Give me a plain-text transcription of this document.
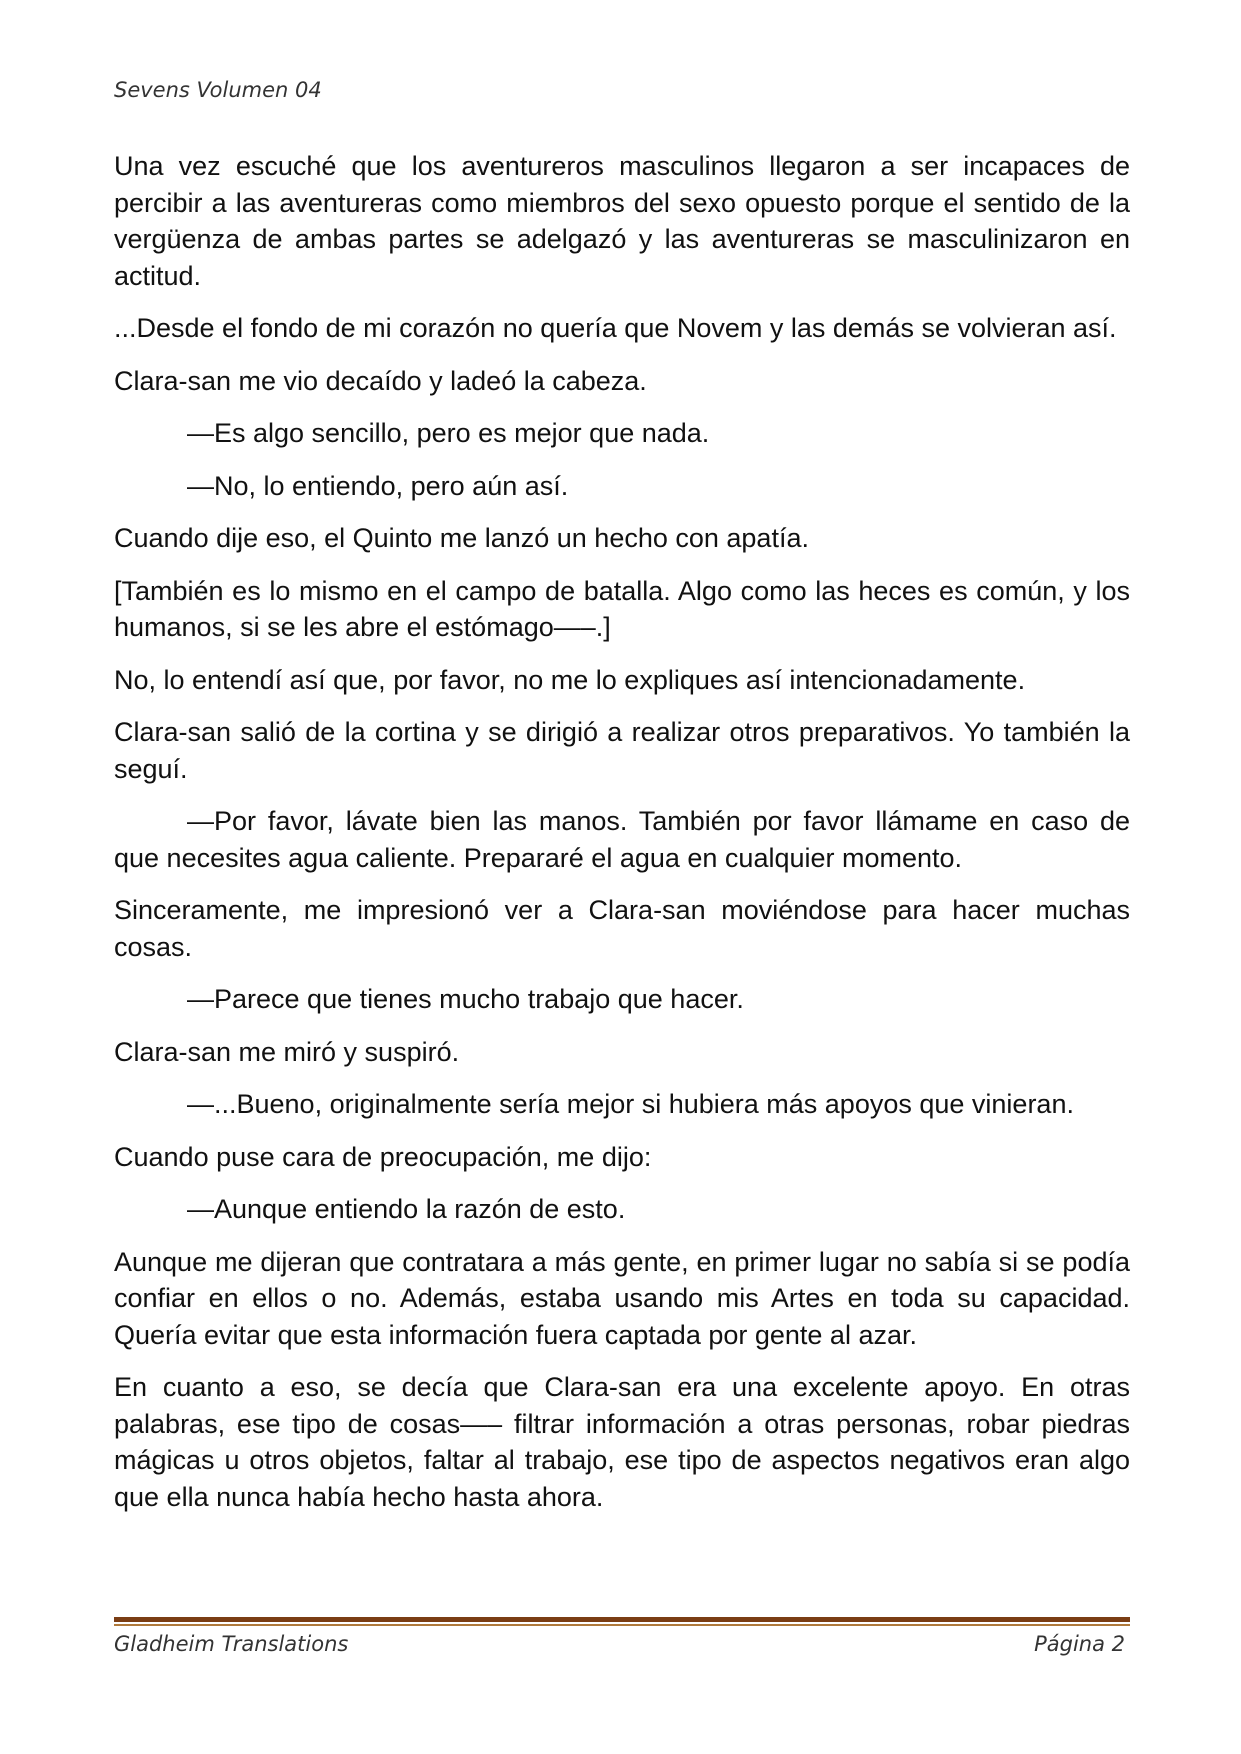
Sevens Volumen 04

Una vez escuché que los aventureros masculinos llegaron a ser incapaces de percibir a las aventureras como miembros del sexo opuesto porque el sentido de la vergüenza de ambas partes se adelgazó y las aventureras se masculinizaron en actitud.

...Desde el fondo de mi corazón no quería que Novem y las demás se volvieran así.

Clara-san me vio decaído y ladeó la cabeza.

—Es algo sencillo, pero es mejor que nada.

—No, lo entiendo, pero aún así.

Cuando dije eso, el Quinto me lanzó un hecho con apatía.

[También es lo mismo en el campo de batalla. Algo como las heces es común, y los humanos, si se les abre el estómago—–.]

No, lo entendí así que, por favor, no me lo expliques así intencionadamente.

Clara-san salió de la cortina y se dirigió a realizar otros preparativos. Yo también la seguí.

—Por favor, lávate bien las manos. También por favor llámame en caso de que necesites agua caliente. Prepararé el agua en cualquier momento.

Sinceramente, me impresionó ver a Clara-san moviéndose para hacer muchas cosas.

—Parece que tienes mucho trabajo que hacer.

Clara-san me miró y suspiró.

—...Bueno, originalmente sería mejor si hubiera más apoyos que vinieran.

Cuando puse cara de preocupación, me dijo:

—Aunque entiendo la razón de esto.

Aunque me dijeran que contratara a más gente, en primer lugar no sabía si se podía confiar en ellos o no. Además, estaba usando mis Artes en toda su capacidad. Quería evitar que esta información fuera captada por gente al azar.

En cuanto a eso, se decía que Clara-san era una excelente apoyo. En otras palabras, ese tipo de cosas—– filtrar información a otras personas, robar piedras mágicas u otros objetos, faltar al trabajo, ese tipo de aspectos negativos eran algo que ella nunca había hecho hasta ahora.

Gladheim Translations	Página 2
